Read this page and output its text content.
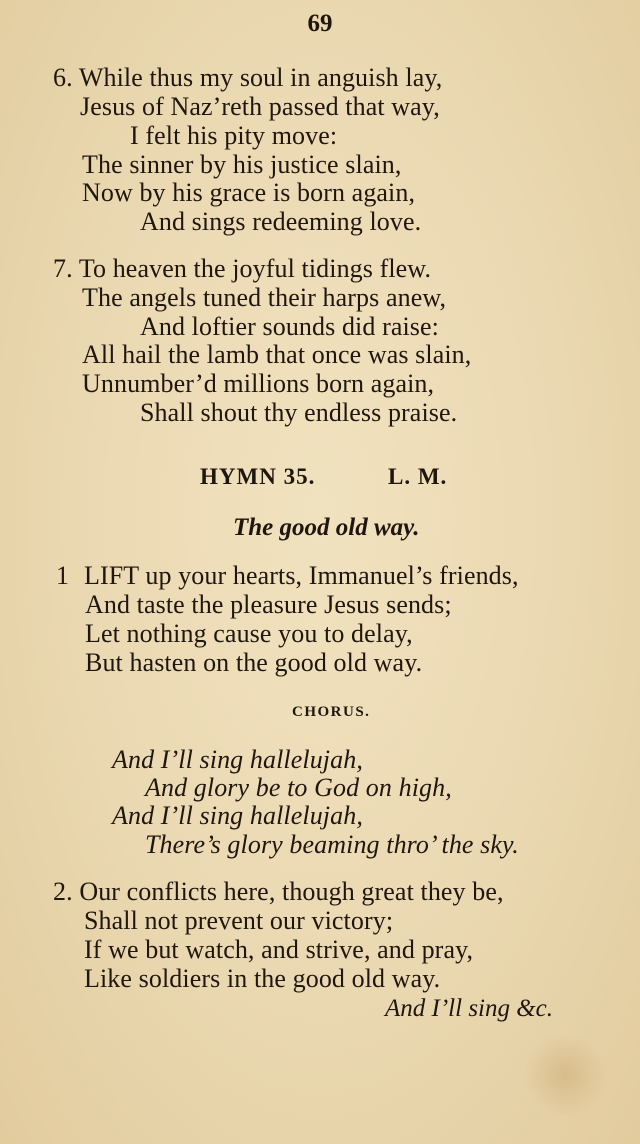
69
6. While thus my soul in anguish lay,
Jesus of Naz’reth passed that way,
I felt his pity move:
The sinner by his justice slain,
Now by his grace is born again,
And sings redeeming love.
7. To heaven the joyful tidings flew.
The angels tuned their harps anew,
And loftier sounds did raise:
All hail the lamb that once was slain,
Unnumber’d millions born again,
Shall shout thy endless praise.
HYMN 35.	L. M.
The good old way.
1 LIFT up your hearts, Immanuel’s friends,
And taste the pleasure Jesus sends;
Let nothing cause you to delay,
But hasten on the good old way.
CHORUS.
And I’ll sing hallelujah,
And glory be to God on high,
And I’ll sing hallelujah,
There’s glory beaming thro’ the sky.
2. Our conflicts here, though great they be,
Shall not prevent our victory;
If we but watch, and strive, and pray,
Like soldiers in the good old way.
And I’ll sing &c.
